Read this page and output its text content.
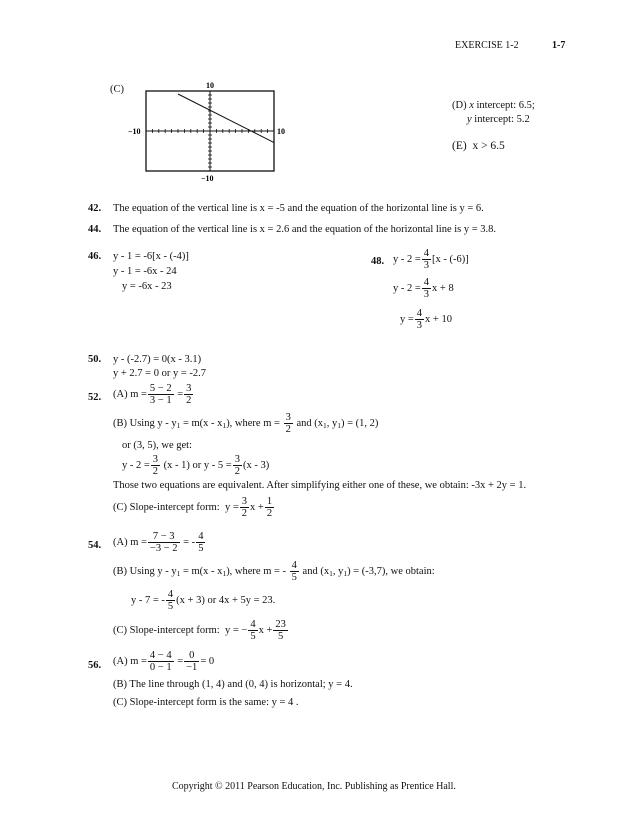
EXERCISE 1-2	1-7
(C)	10
−10
−10	10
(D) x intercept: 6.5;
y intercept: 5.2
(E) x > 6.5
42. The equation of the vertical line is x = -5 and the equation of the horizontal line is y = 6.
44. The equation of the vertical line is x = 2.6 and the equation of the horizontal line is y = 3.8.
46. y - 1 = -6[x - (-4)]
y - 1 = -6x - 24
y = -6x - 23
48. $y - 2 = \frac{4}{3} [x - (-6)]$
$y - 2 = \frac{4}{3}$ x + 8
$y = \frac{4}{3}$ x + 10
50. y - (-2.7) = 0(x - 3.1)
y + 2.7 = 0 or y = -2.7
52. (A) $m = \frac{5 - 2}{3 - 1} = \frac{3}{2}$
(B) Using $y - y_1 = m(x - x_1)$, where $m = \frac{3}{2}$ and ($x_1$, $y_1) = (1$, 2)
or (3, 5), we get:
$y - 2 = \frac{3}{2} (x - 1)$ or $y - 5 = \frac{3}{2} (x - 3)$
Those two equations are equivalent. After simplifying either one of these, we obtain: -3x + 2y = 1.
(C) Slope-intercept form: $y = \frac{3}{2}$ $x + \frac{1}{2}$
54. (A) $m = \frac{7 - 3}{-3 - 2}$ = - $\frac{4}{5}$
(B) Using $y - y_1 = m(x - x_1)$, where m = - $\frac{4}{5}$ and ($x_1$, $y_1) = (-3,7)$, we obtain:
y - 7 = - $\frac{4}{5} (x + 3)$ or 4x + 5y = 23.
(C) Slope-intercept form: y = − $\frac{4}{5}$ $x + \frac{23}{5}$
56. (A) $m = \frac{4 - 4}{0 - 1} = \frac{0}{-1} = 0$
(B) The line through (1, 4) and (0, 4) is horizontal; y = 4.
(C) Slope-intercept form is the same: y = 4 .
Copyright © 2011 Pearson Education, Inc. Publishing as Prentice Hall.
